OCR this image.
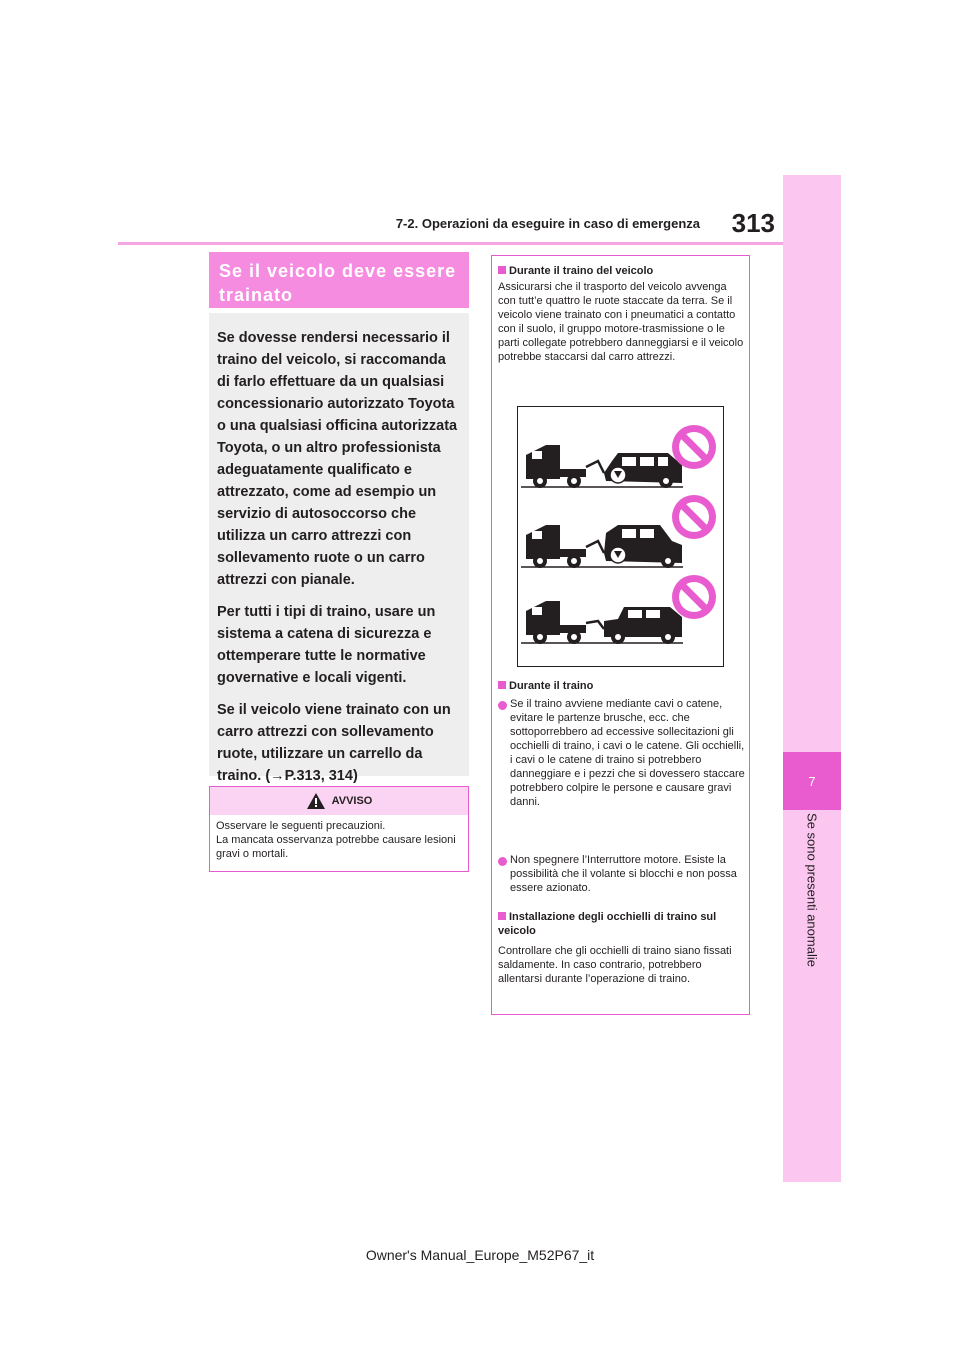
7
Se sono presenti anomalie
313
7-2. Operazioni da eseguire in caso di emergenza
Se il veicolo deve essere
trainato

Se dovesse rendersi necessario il traino del veicolo, si raccomanda di farlo effettuare da un qualsiasi concessionario autorizzato Toyota o una qualsiasi officina autorizzata Toyota, o un altro professionista adeguatamente qualificato e attrezzato, come ad esempio un servizio di autosoccorso che utilizza un carro attrezzi con sollevamento ruote o un carro attrezzi con pianale.

Per tutti i tipi di traino, usare un sistema a catena di sicurezza e ottemperare tutte le normative governative e locali vigenti.

Se il veicolo viene trainato con un carro attrezzi con sollevamento ruote, utilizzare un carrello da traino. (→P.313, 314)

AVVISO
Osservare le seguenti precauzioni.
La mancata osservanza potrebbe causare lesioni gravi o mortali.
Durante il traino del veicolo
Assicurarsi che il trasporto del veicolo avvenga con tutt’e quattro le ruote staccate da terra. Se il veicolo viene trainato con i pneumatici a contatto con il suolo, il gruppo motore-trasmissione o le parti collegate potrebbero danneggiarsi e il veicolo potrebbe staccarsi dal carro attrezzi.
Durante il traino
Se il traino avviene mediante cavi o catene, evitare le partenze brusche, ecc. che sottoporrebbero ad eccessive sollecitazioni gli occhielli di traino, i cavi o le catene. Gli occhielli, i cavi o le catene di traino si potrebbero danneggiare e i pezzi che si dovessero staccare potrebbero colpire le persone e causare gravi danni.
Non spegnere l’Interruttore motore. Esiste la possibilità che il volante si blocchi e non possa essere azionato.
Installazione degli occhielli di traino sul veicolo
Controllare che gli occhielli di traino siano fissati saldamente. In caso contrario, potrebbero allentarsi durante l’operazione di traino.
Owner's Manual_Europe_M52P67_it
